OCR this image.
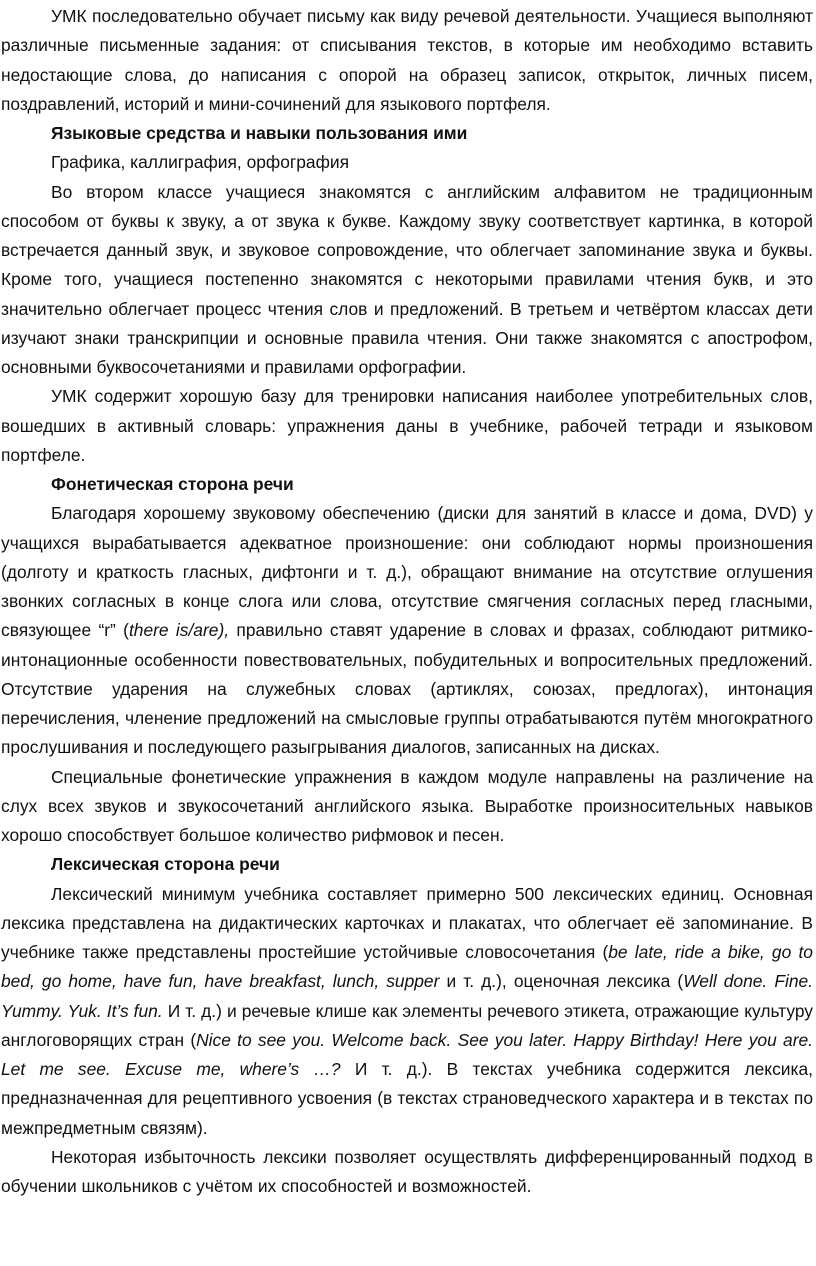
УМК последовательно обучает письму как виду речевой деятельности. Учащиеся выполняют различные письменные задания: от списывания текстов, в которые им необходимо вставить недостающие слова, до написания с опорой на образец записок, открыток, личных писем, поздравлений, историй и мини-сочинений для языкового портфеля.

Языковые средства и навыки пользования ими

Графика, каллиграфия, орфография

Во втором классе учащиеся знакомятся с английским алфавитом не традиционным способом от буквы к звуку, а от звука к букве. Каждому звуку соответствует картинка, в которой встречается данный звук, и звуковое сопровождение, что облегчает запоминание звука и буквы. Кроме того, учащиеся постепенно знакомятся с некоторыми правилами чтения букв, и это значительно облегчает процесс чтения слов и предложений. В третьем и четвёртом классах дети изучают знаки транскрипции и основные правила чтения. Они также знакомятся с апострофом, основными буквосочетаниями и правилами орфографии.

УМК содержит хорошую базу для тренировки написания наиболее употребительных слов, вошедших в активный словарь: упражнения даны в учебнике, рабочей тетради и языковом портфеле.

Фонетическая сторона речи

Благодаря хорошему звуковому обеспечению (диски для занятий в классе и дома, DVD) у учащихся вырабатывается адекватное произношение: они соблюдают нормы произношения (долготу и краткость гласных, дифтонги и т. д.), обращают внимание на отсутствие оглушения звонких согласных в конце слога или слова, отсутствие смягчения согласных перед гласными, связующее “r” (there is/are), правильно ставят ударение в словах и фразах, соблюдают ритмико-интонационные особенности повествовательных, побудительных и вопросительных предложений. Отсутствие ударения на служебных словах (артиклях, союзах, предлогах), интонация перечисления, членение предложений на смысловые группы отрабатываются путём многократного прослушивания и последующего разыгрывания диалогов, записанных на дисках.

Специальные фонетические упражнения в каждом модуле направлены на различение на слух всех звуков и звукосочетаний английского языка. Выработке произносительных навыков хорошо способствует большое количество рифмовок и песен.

Лексическая сторона речи

Лексический минимум учебника составляет примерно 500 лексических единиц. Основная лексика представлена на дидактических карточках и плакатах, что облегчает её запоминание. В учебнике также представлены простейшие устойчивые словосочетания (be late, ride a bike, go to bed, go home, have fun, have breakfast, lunch, supper и т. д.), оценочная лексика (Well done. Fine. Yummy. Yuk. It’s fun. И т. д.) и речевые клише как элементы речевого этикета, отражающие культуру англоговорящих стран (Nice to see you. Welcome back. See you later. Happy Birthday! Here you are. Let me see. Excuse me, where’s …? И т. д.). В текстах учебника содержится лексика, предназначенная для рецептивного усвоения (в текстах страноведческого характера и в текстах по межпредметным связям).

Некоторая избыточность лексики позволяет осуществлять дифференцированный подход в обучении школьников с учётом их способностей и возможностей.
